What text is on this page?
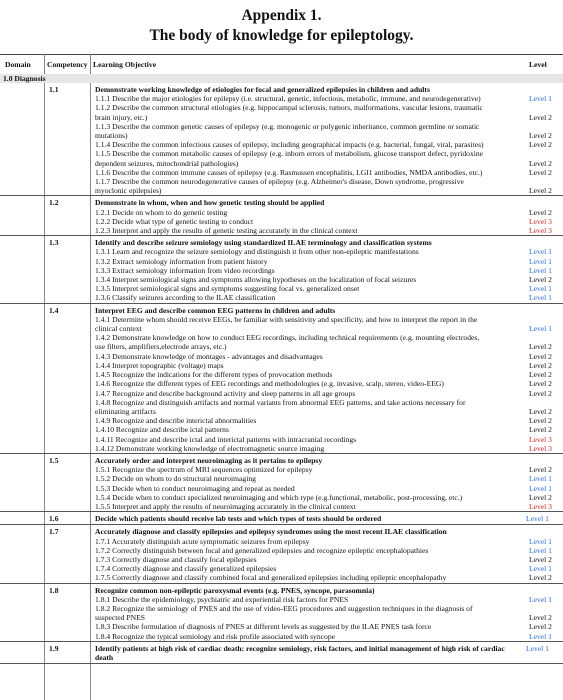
Appendix 1.
The body of knowledge for epileptology.
Domain Competency Learning Objective	Level
1.0 Diagnosis
1.1	Demonstrate working knowledge of etiologies for focal and generalized epilepsies in children and adults
1.1.1 Describe the major etiologies for epilepsy (i.e. structural, genetic, infectious, metabolic, immune, and neurodegenerative)	Level 1
1.1.2 Describe the common structural etiologies (e.g. hippocampal sclerosis, tumors, malformations, vascular lesions, traumatic
brain injury, etc.)	Level 2
1.1.3 Describe the common genetic causes of epilepsy (e.g. monogenic or polygenic inheritance, common germline or somatic
mutations)	Level 2
1.1.4 Describe the common infectious causes of epilepsy, including geographical impacts (e.g. bacterial, fungal, viral, parasites)	Level 2
1.1.5 Describe the common metabolic causes of epilepsy (e.g. inborn errors of metabolism, glucose transport defect, pyridoxine
dependent seizures, mitochondrial pathologies)	Level 2
1.1.6 Describe the common immune causes of epilepsy (e.g. Rasmussen encephalitis, LGI1 antibodies, NMDA antibodies, etc.)	Level 2
1.1.7 Describe the common neurodegenerative causes of epilepsy (e.g. Alzheimer's disease, Down syndrome, progressive
myoclonic epilepsies)	Level 2
1.2	Demonstrate in whom, when and how genetic testing should be applied
1.2.1 Decide on whom to do genetic testing	Level 2
1.2.2 Decide what type of genetic testing to conduct	Level 3
1.2.3 Interpret and apply the results of genetic testing accurately in the clinical context	Level 3
1.3	Identify and describe seizure semiology using standardized ILAE terminology and classification systems
1.3.1 Learn and recognize the seizure semiology and distinguish it from other non-epileptic manifestations	Level 1
1.3.2 Extract semiology information from patient history	Level 1
1.3.3 Extract semiology information from video recordings	Level 1
1.3.4 Interpret semiological signs and symptoms allowing hypotheses on the localization of focal seizures	Level 2
1.3.5 Interpret semiological signs and symptoms suggesting focal vs. generalized onset	Level 1
1.3.6 Classify seizures according to the ILAE classification	Level 1
1.4	Interpret EEG and describe common EEG patterns in children and adults
1.4.1 Determine whom should receive EEGs, be familiar with sensitivity and specificity, and how to interpret the report in the
clinical context	Level 1
1.4.2 Demonstrate knowledge on how to conduct EEG recordings, including technical requirements (e.g. mounting electrodes,
use filters, amplifiers,electrode arrays, etc.)	Level 2
1.4.3 Demonstrate knowledge of montages - advantages and disadvantages	Level 2
1.4.4 Interpret topographic (voltage) maps	Level 2
1.4.5 Recognize the indications for the different types of provocation methods	Level 2
1.4.6 Recognize the different types of EEG recordings and methodologies (e.g. invasive, scalp, stereo, video-EEG)	Level 2
1.4.7 Recognize and describe background activity and sleep patterns in all age groups	Level 2
1.4.8 Recognize and distinguish artifacts and normal variants from abnormal EEG patterns, and take actions necessary for
eliminating artifacts	Level 2
1.4.9 Recognize and describe interictal abnormalities	Level 2
1.4.10 Recognize and describe ictal patterns	Level 2
1.4.11 Recognize and describe ictal and interictal patterns with intracranial recordings	Level 3
1.4.12 Demonstrate working knowledge of electromagnetic source imaging	Level 3
1.5	Accurately order and interpret neuroimaging as it pertains to epilepsy
1.5.1 Recognize the spectrum of MRI sequences optimized for epilepsy	Level 2
1.5.2 Decide on whom to do structural neuroimaging	Level 1
1.5.3 Decide when to conduct neuroimaging and repeat as needed	Level 1
1.5.4 Decide when to conduct specialized neuroimaging and which type (e.g.functional, metabolic, post-processing, etc.)	Level 2
1.5.5 Interpret and apply the results of neuroimaging accurately in the clinical context	Level 3
1.6	Decide which patients should receive lab tests and which types of tests should be ordered	Level 1
1.7	Accurately diagnose and classify epilepsies and epilepsy syndromes using the most recent ILAE classification
1.7.1 Accurately distinguish acute symptomatic seizures from epilepsy	Level 1
1.7.2 Correctly distinguish between focal and generalized epilepsies and recognize epileptic encephalopathies	Level 1
1.7.3 Correctly diagnose and classify focal epilepsies	Level 2
1.7.4 Correctly diagnose and classify generalized epilepsies	Level 1
1.7.5 Correctly diagnose and classify combined focal and generalized epilepsies including epileptic encephalopathy	Level 2
1.8	Recognize common non-epileptic paroxysmal events (e.g. PNES, syncope, parasomnia)
1.8.1 Describe the epidemiology, psychiatric and experiential risk factors for PNES	Level 1
1.8.2 Recognize the semiology of PNES and the use of video-EEG procedures and suggestion techniques in the diagnosis of
suspected PNES	Level 2
1.8.3 Describe formulation of diagnosis of PNES at different levels as suggested by the ILAE PNES task force	Level 2
1.8.4 Recognize the typical semiology and risk profile associated with syncope	Level 1
1.9	Identify patients at high risk of cardiac death: recognize semiology, risk factors, and initial management of high risk of cardiac death
Level 1
